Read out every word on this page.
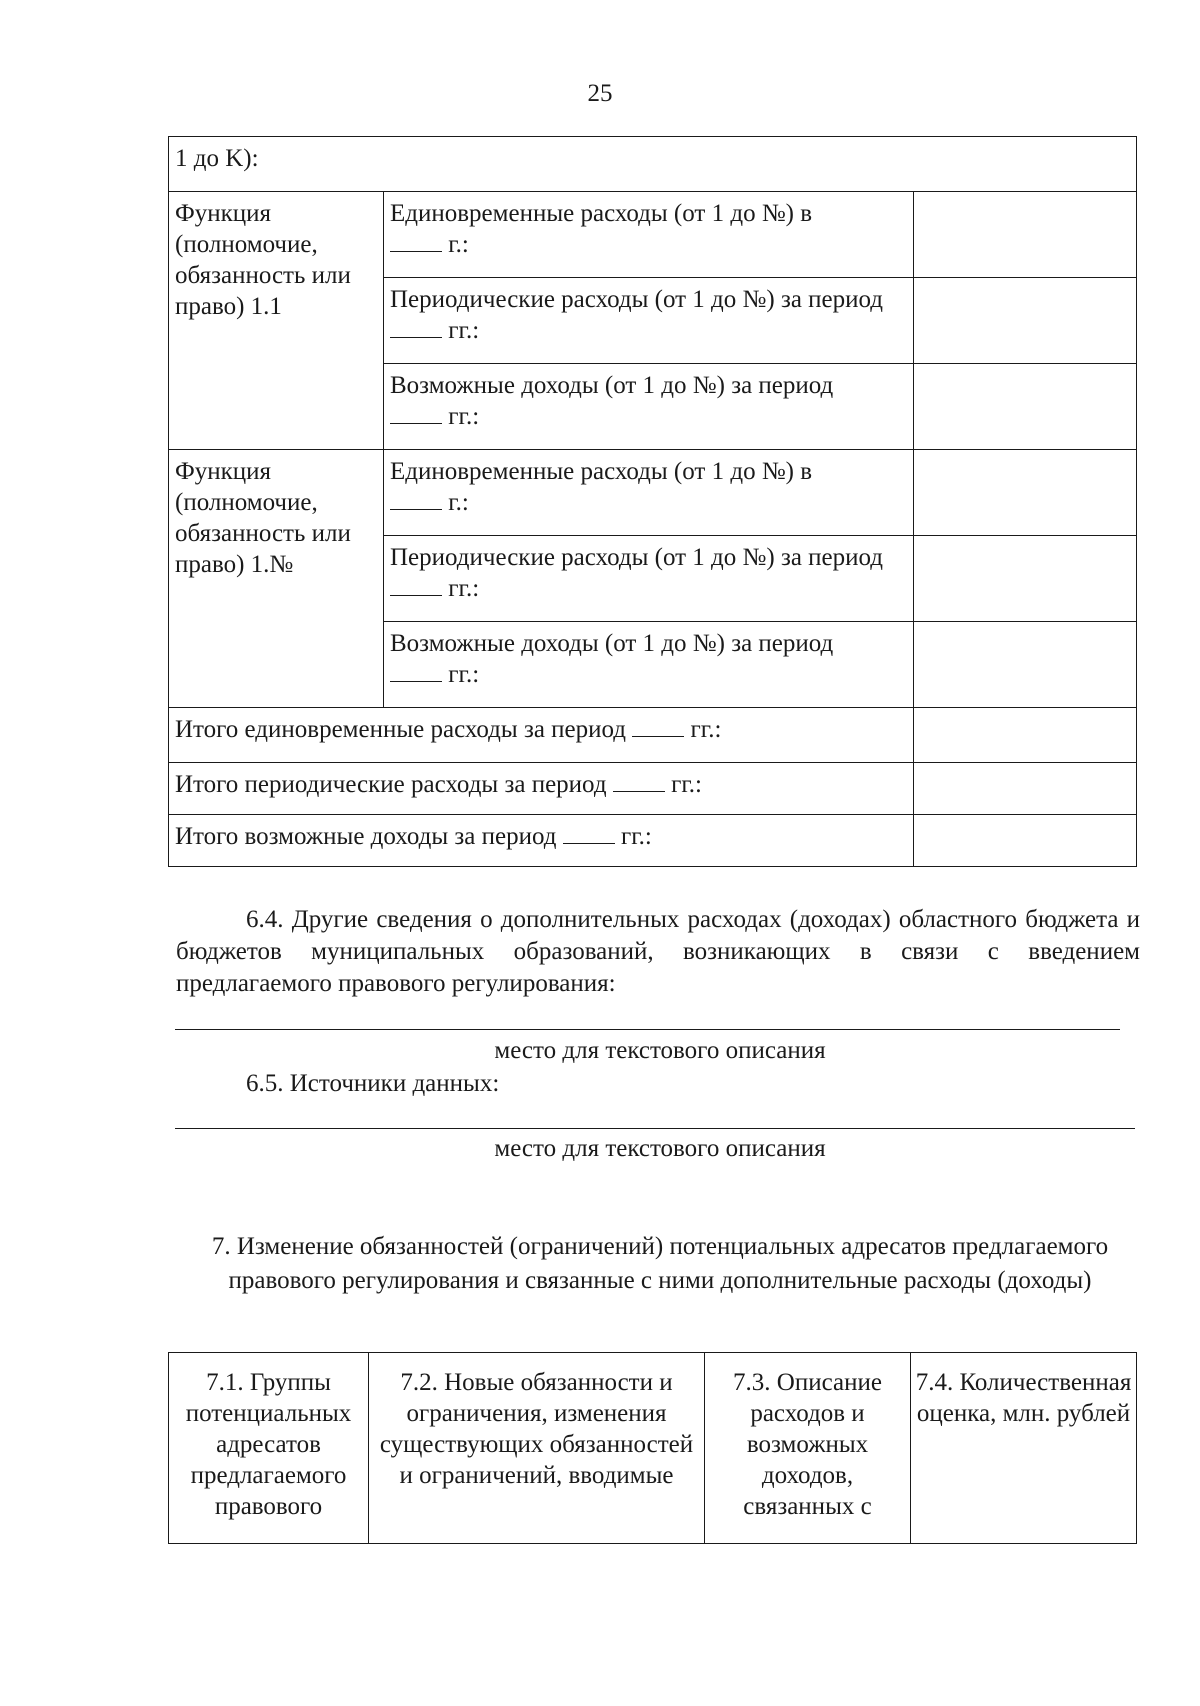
25
1 до K):		
Функция (полномочие, обязанность или право) 1.1	Единовременные расходы (от 1 до №) в
г.:	
	Периодические расходы (от 1 до №) за период  гг.:	
	Возможные доходы (от 1 до №) за период
гг.:	
Функция (полномочие, обязанность или право) 1.№	Единовременные расходы (от 1 до №) в
г.:	
	Периодические расходы (от 1 до №) за период  гг.:	
	Возможные доходы (от 1 до №) за период
гг.:	
Итого единовременные расходы за период  гг.:		
Итого периодические расходы за период  гг.:		
Итого возможные доходы за период  гг.:		

6.4. Другие сведения о дополнительных расходах (доходах) областного бюджета и бюджетов муниципальных образований, возникающих в связи с введением предлагаемого правового регулирования:

место для текстового описания

6.5. Источники данных:

место для текстового описания
7. Изменение обязанностей (ограничений) потенциальных адресатов предлагаемого правового регулирования и связанные с ними дополнительные расходы (доходы)
7.1. Группы потенциальных адресатов предлагаемого правового	7.2. Новые обязанности и ограничения, изменения существующих обязанностей и ограничений, вводимые	7.3. Описание расходов и возможных доходов, связанных с	7.4. Количественная оценка, млн. рублей
